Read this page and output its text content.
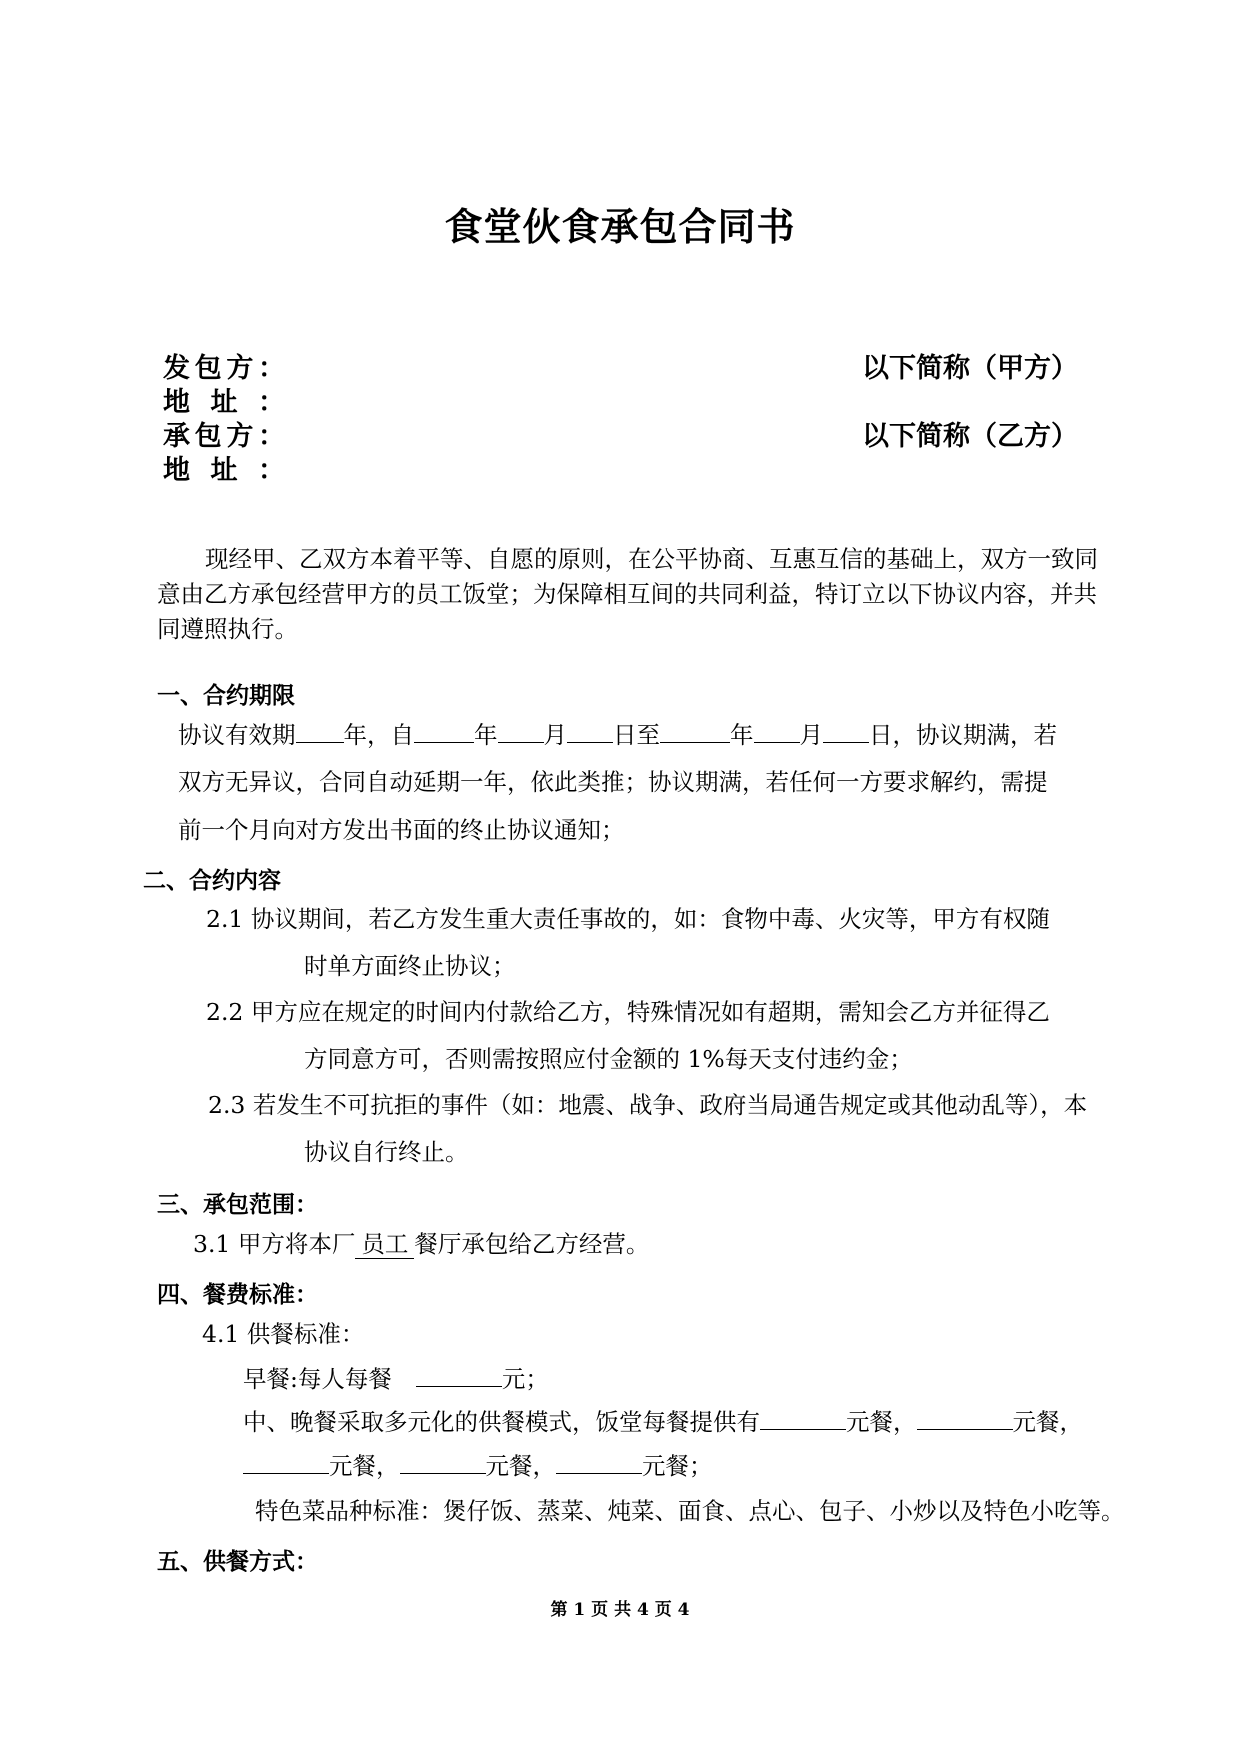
食堂伙食承包合同书
发包方：	以下简称（甲方）
地址：
承包方：	以下简称（乙方）
地址：
现经甲、乙双方本着平等、自愿的原则，在公平协商、互惠互信的基础上，双方一致同意由乙方承包经营甲方的员工饭堂；为保障相互间的共同利益，特订立以下协议内容，并共同遵照执行。
一、合约期限
协议有效期 年，自	年 月 日至	年 月 日，协议期满，若
双方无异议，合同自动延期一年，依此类推；协议期满，若任何一方要求解约，需提
前一个月向对方发出书面的终止协议通知；
二、合约内容
2.1 协议期间，若乙方发生重大责任事故的，如：食物中毒、火灾等，甲方有权随
时单方面终止协议；
2.2 甲方应在规定的时间内付款给乙方，特殊情况如有超期，需知会乙方并征得乙
方同意方可，否则需按照应付金额的 1%每天支付违约金；
2.3 若发生不可抗拒的事件（如：地震、战争、政府当局通告规定或其他动乱等），本
协议自行终止。
三、承包范围：
3.1 甲方将本厂 员工 餐厅承包给乙方经营。
四、餐费标准：
4.1 供餐标准：
早餐:每人每餐	元；
中、晚餐采取多元化的供餐模式，饭堂每餐提供有	元餐，	元餐，
元餐，	元餐，	元餐；
特色菜品种标准：煲仔饭、蒸菜、炖菜、面食、点心、包子、小炒以及特色小吃等。
五、供餐方式：
第 1 页 共 4 页 4
